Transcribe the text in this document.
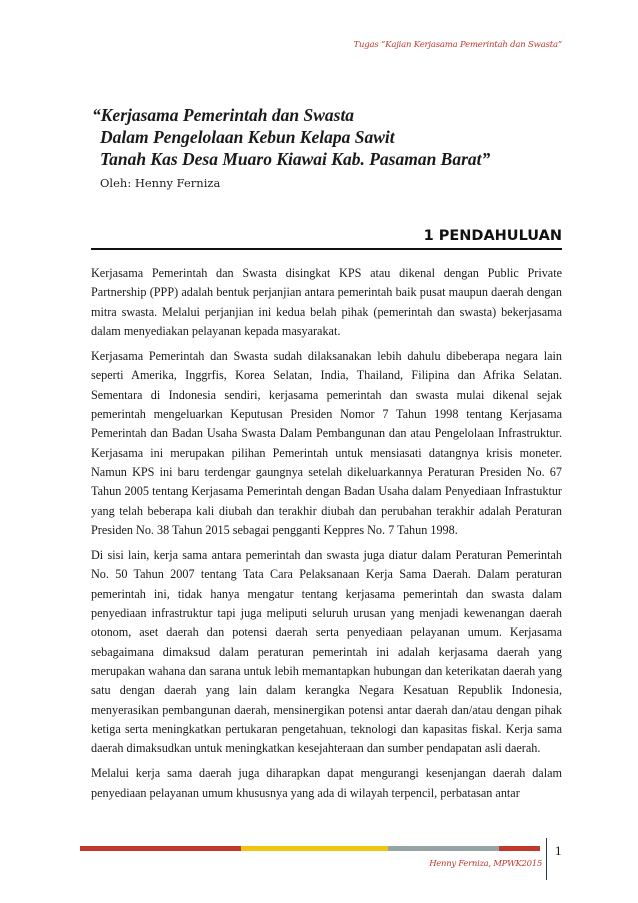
Tugas “Kajian Kerjasama Pemerintah dan Swasta”
“Kerjasama Pemerintah dan Swasta
Dalam Pengelolaan Kebun Kelapa Sawit
Tanah Kas Desa Muaro Kiawai Kab. Pasaman Barat”
Oleh: Henny Ferniza
1 PENDAHULUAN

Kerjasama Pemerintah dan Swasta disingkat KPS atau dikenal dengan Public Private Partnership (PPP) adalah bentuk perjanjian antara pemerintah baik pusat maupun daerah dengan mitra swasta. Melalui perjanjian ini kedua belah pihak (pemerintah dan swasta) bekerjasama dalam menyediakan pelayanan kepada masyarakat.

Kerjasama Pemerintah dan Swasta sudah dilaksanakan lebih dahulu dibeberapa negara lain seperti Amerika, Inggrfis, Korea Selatan, India, Thailand, Filipina dan Afrika Selatan. Sementara di Indonesia sendiri, kerjasama pemerintah dan swasta mulai dikenal sejak pemerintah mengeluarkan Keputusan Presiden Nomor 7 Tahun 1998 tentang Kerjasama Pemerintah dan Badan Usaha Swasta Dalam Pembangunan dan atau Pengelolaan Infrastruktur. Kerjasama ini merupakan pilihan Pemerintah untuk mensiasati datangnya krisis moneter. Namun KPS ini baru terdengar gaungnya setelah dikeluarkannya Peraturan Presiden No. 67 Tahun 2005 tentang Kerjasama Pemerintah dengan Badan Usaha dalam Penyediaan Infrastuktur yang telah beberapa kali diubah dan terakhir diubah dan perubahan terakhir adalah Peraturan Presiden No. 38 Tahun 2015 sebagai pengganti Keppres No. 7 Tahun 1998.

Di sisi lain, kerja sama antara pemerintah dan swasta juga diatur dalam Peraturan Pemerintah No. 50 Tahun 2007 tentang Tata Cara Pelaksanaan Kerja Sama Daerah. Dalam peraturan pemerintah ini, tidak hanya mengatur tentang kerjasama pemerintah dan swasta dalam penyediaan infrastruktur tapi juga meliputi seluruh urusan yang menjadi kewenangan daerah otonom, aset daerah dan potensi daerah serta penyediaan pelayanan umum. Kerjasama sebagaimana dimaksud dalam peraturan pemerintah ini adalah kerjasama daerah yang merupakan wahana dan sarana untuk lebih memantapkan hubungan dan keterikatan daerah yang satu dengan daerah yang lain dalam kerangka Negara Kesatuan Republik Indonesia, menyerasikan pembangunan daerah, mensinergikan potensi antar daerah dan/atau dengan pihak ketiga serta meningkatkan pertukaran pengetahuan, teknologi dan kapasitas fiskal. Kerja sama daerah dimaksudkan untuk meningkatkan kesejahteraan dan sumber pendapatan asli daerah.

Melalui kerja sama daerah juga diharapkan dapat mengurangi kesenjangan daerah dalam penyediaan pelayanan umum khususnya yang ada di wilayah terpencil, perbatasan antar

1
Henny Ferniza, MPWK2015
